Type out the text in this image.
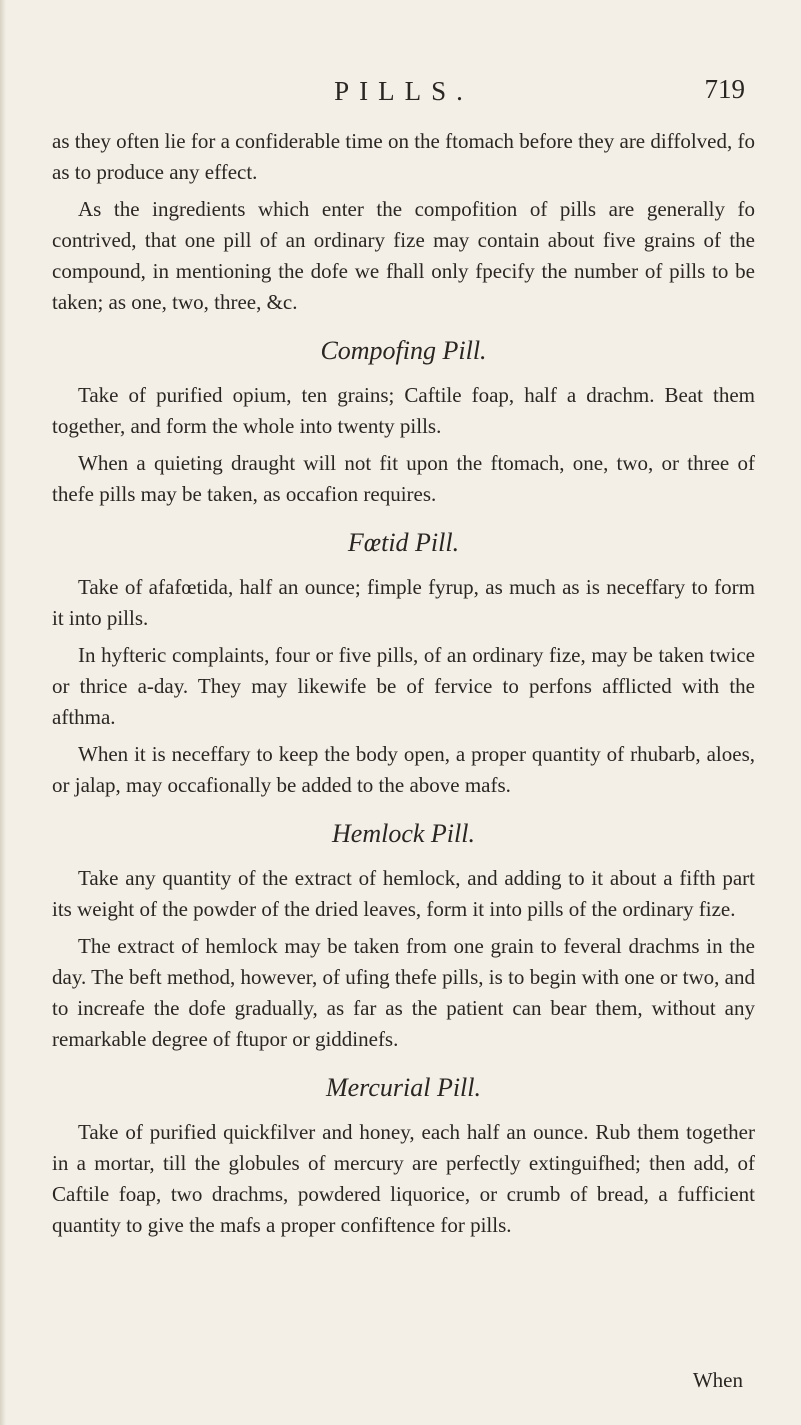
PILLS.	719

as they often lie for a confiderable time on the ftomach before they are diffolved, fo as to produce any effect.

As the ingredients which enter the compofition of pills are generally fo contrived, that one pill of an ordinary fize may contain about five grains of the compound, in mentioning the dofe we fhall only fpecify the number of pills to be taken; as one, two, three, &c.

Compofing Pill.

Take of purified opium, ten grains; Caftile foap, half a drachm. Beat them together, and form the whole into twenty pills.

When a quieting draught will not fit upon the ftomach, one, two, or three of thefe pills may be taken, as occafion requires.

Fœtid Pill.

Take of afafœtida, half an ounce; fimple fyrup, as much as is neceffary to form it into pills.

In hyfteric complaints, four or five pills, of an ordinary fize, may be taken twice or thrice a-day. They may likewife be of fervice to perfons afflicted with the afthma.

When it is neceffary to keep the body open, a proper quantity of rhubarb, aloes, or jalap, may occafionally be added to the above mafs.

Hemlock Pill.

Take any quantity of the extract of hemlock, and adding to it about a fifth part its weight of the powder of the dried leaves, form it into pills of the ordinary fize.

The extract of hemlock may be taken from one grain to feveral drachms in the day. The beft method, however, of ufing thefe pills, is to begin with one or two, and to increafe the dofe gradually, as far as the patient can bear them, without any remarkable degree of ftupor or giddinefs.

Mercurial Pill.

Take of purified quickfilver and honey, each half an ounce. Rub them together in a mortar, till the globules of mercury are perfectly extinguifhed; then add, of Caftile foap, two drachms, powdered liquorice, or crumb of bread, a fufficient quantity to give the mafs a proper confiftence for pills.

When
